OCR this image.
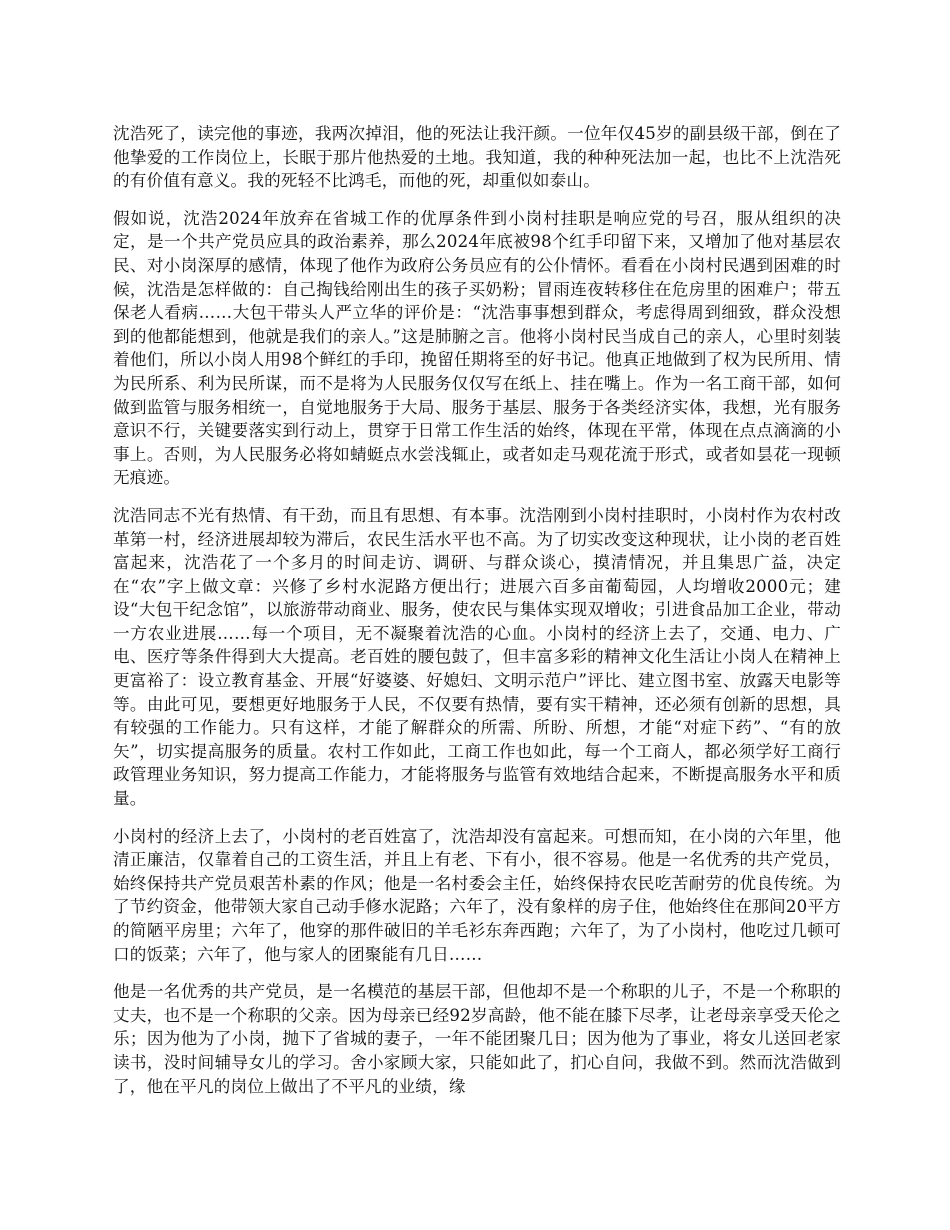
沈浩死了，读完他的事迹，我两次掉泪，他的死法让我汗颜。一位年仅45岁的副县级干部，倒在了他挚爱的工作岗位上，长眠于那片他热爱的土地。我知道，我的种种死法加一起，也比不上沈浩死的有价值有意义。我的死轻不比鸿毛，而他的死，却重似如泰山。

假如说，沈浩2024年放弃在省城工作的优厚条件到小岗村挂职是响应党的号召，服从组织的决定，是一个共产党员应具的政治素养，那么2024年底被98个红手印留下来，又增加了他对基层农民、对小岗深厚的感情，体现了他作为政府公务员应有的公仆情怀。看看在小岗村民遇到困难的时候，沈浩是怎样做的：自己掏钱给刚出生的孩子买奶粉；冒雨连夜转移住在危房里的困难户；带五保老人看病……大包干带头人严立华的评价是：“沈浩事事想到群众，考虑得周到细致，群众没想到的他都能想到，他就是我们的亲人。”这是肺腑之言。他将小岗村民当成自己的亲人，心里时刻装着他们，所以小岗人用98个鲜红的手印，挽留任期将至的好书记。他真正地做到了权为民所用、情为民所系、利为民所谋，而不是将为人民服务仅仅写在纸上、挂在嘴上。作为一名工商干部，如何做到监管与服务相统一，自觉地服务于大局、服务于基层、服务于各类经济实体，我想，光有服务意识不行，关键要落实到行动上，贯穿于日常工作生活的始终，体现在平常，体现在点点滴滴的小事上。否则，为人民服务必将如蜻蜓点水尝浅辄止，或者如走马观花流于形式，或者如昙花一现顿无痕迹。

沈浩同志不光有热情、有干劲，而且有思想、有本事。沈浩刚到小岗村挂职时，小岗村作为农村改革第一村，经济进展却较为滞后，农民生活水平也不高。为了切实改变这种现状，让小岗的老百姓富起来，沈浩花了一个多月的时间走访、调研、与群众谈心，摸清情况，并且集思广益，决定在“农”字上做文章：兴修了乡村水泥路方便出行；进展六百多亩葡萄园，人均增收2000元；建设“大包干纪念馆”，以旅游带动商业、服务，使农民与集体实现双增收；引进食品加工企业，带动一方农业进展……每一个项目，无不凝聚着沈浩的心血。小岗村的经济上去了，交通、电力、广电、医疗等条件得到大大提高。老百姓的腰包鼓了，但丰富多彩的精神文化生活让小岗人在精神上更富裕了：设立教育基金、开展“好婆婆、好媳妇、文明示范户”评比、建立图书室、放露天电影等等。由此可见，要想更好地服务于人民，不仅要有热情，要有实干精神，还必须有创新的思想，具有较强的工作能力。只有这样，才能了解群众的所需、所盼、所想，才能“对症下药”、“有的放矢”，切实提高服务的质量。农村工作如此，工商工作也如此，每一个工商人，都必须学好工商行政管理业务知识，努力提高工作能力，才能将服务与监管有效地结合起来，不断提高服务水平和质量。

小岗村的经济上去了，小岗村的老百姓富了，沈浩却没有富起来。可想而知，在小岗的六年里，他清正廉洁，仅靠着自己的工资生活，并且上有老、下有小，很不容易。他是一名优秀的共产党员，始终保持共产党员艰苦朴素的作风；他是一名村委会主任，始终保持农民吃苦耐劳的优良传统。为了节约资金，他带领大家自己动手修水泥路；六年了，没有象样的房子住，他始终住在那间20平方的简陋平房里；六年了，他穿的那件破旧的羊毛衫东奔西跑；六年了，为了小岗村，他吃过几顿可口的饭菜；六年了，他与家人的团聚能有几日……

他是一名优秀的共产党员，是一名模范的基层干部，但他却不是一个称职的儿子，不是一个称职的丈夫，也不是一个称职的父亲。因为母亲已经92岁高龄，他不能在膝下尽孝，让老母亲享受天伦之乐；因为他为了小岗，抛下了省城的妻子，一年不能团聚几日；因为他为了事业，将女儿送回老家读书，没时间辅导女儿的学习。舍小家顾大家，只能如此了，扪心自问，我做不到。然而沈浩做到了，他在平凡的岗位上做出了不平凡的业绩，缘
